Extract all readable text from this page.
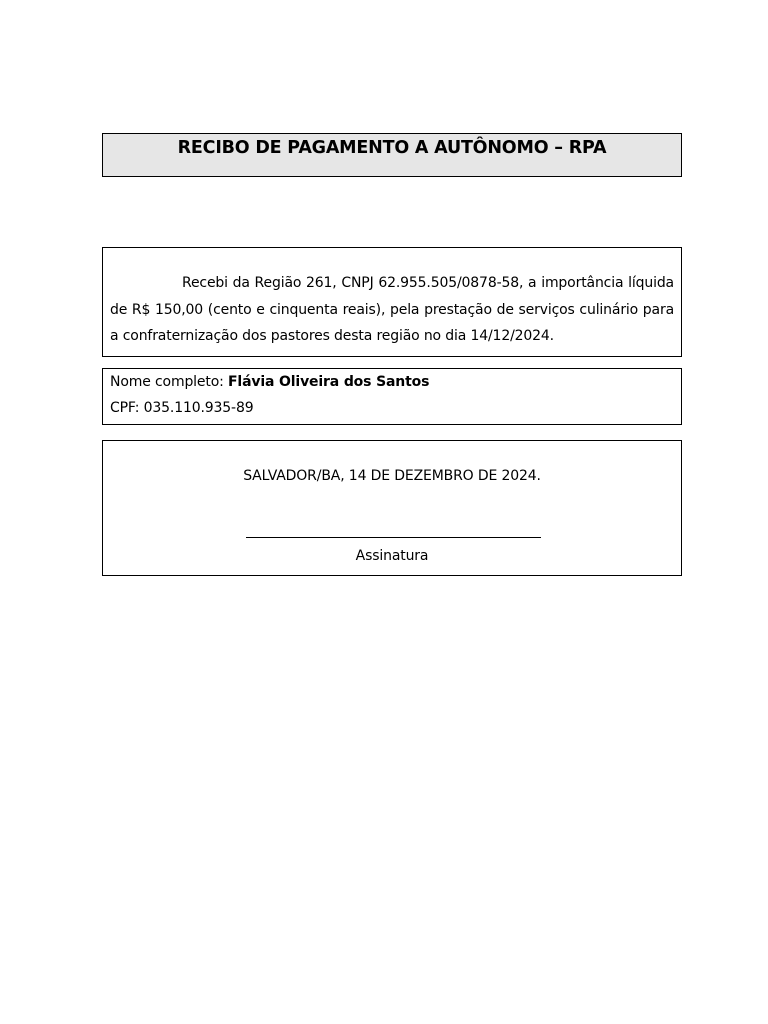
RECIBO DE PAGAMENTO A AUTÔNOMO – RPA

Recebi da Região 261, CNPJ 62.955.505/0878-58, a importância líquida de R$ 150,00 (cento e cinquenta reais), pela prestação de serviços culinário para a confraternização dos pastores desta região no dia 14/12/2024.

Nome completo: Flávia Oliveira dos Santos
CPF: 035.110.935-89
SALVADOR/BA, 14 DE DEZEMBRO DE 2024.
Assinatura
